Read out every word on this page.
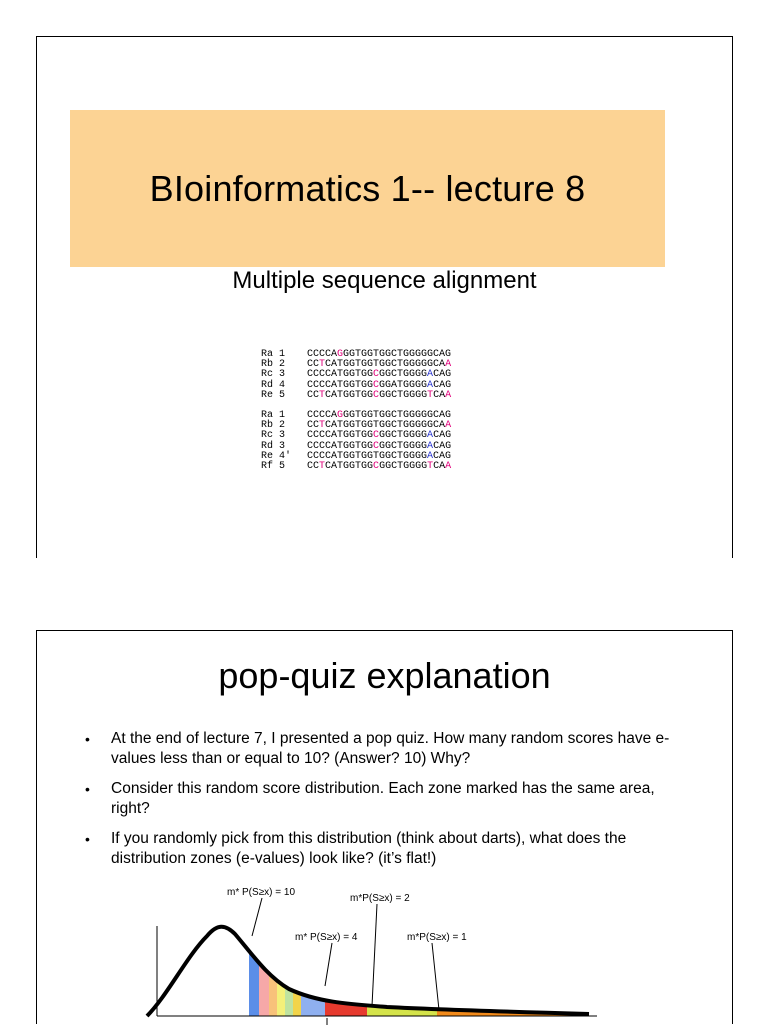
BIoinformatics 1-- lecture 8
Multiple sequence alignment
Ra 1 CCCCAGGGTGGTGGCTGGGGGCAG
Rb 2 CCTCATGGTGGTGGCTGGGGGCAA
Rc 3 CCCCATGGTGGCGGCTGGGGACAG
Rd 4 CCCCATGGTGGCGGATGGGGACAG
Re 5 CCTCATGGTGGCGGCTGGGGTCAA
Ra 1 CCCCAGGGTGGTGGCTGGGGGCAG
Rb 2 CCTCATGGTGGTGGCTGGGGGCAA
Rc 3 CCCCATGGTGGCGGCTGGGGACAG
Rd 3 CCCCATGGTGGCGGCTGGGGACAG
Re 4' CCCCATGGTGGTGGCTGGGGACAG
Rf 5 CCTCATGGTGGCGGCTGGGGTCAA
pop-quiz explanation
• At the end of lecture 7, I presented a pop quiz. How many random scores have e-values less than or equal to 10? (Answer? 10) Why?
• Consider this random score distribution. Each zone marked has the same area, right?
• If you randomly pick from this distribution (think about darts), what does the distribution zones (e-values) look like? (it’s flat!)
m* P(S≥x) = 10
m*P(S≥x) = 2
m* P(S≥x) = 4	m*P(S≥x) = 1
